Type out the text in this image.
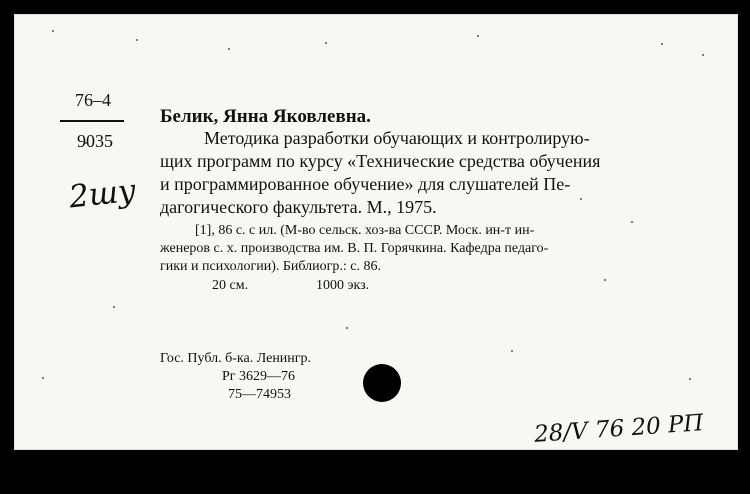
76–4
9035
2шу
Белик, Янна Яковлевна.
Методика разработки обучающих и контролирую-
щих программ по курсу «Технические средства обучения
и программированное обучение» для слушателей Пе-
дагогического факультета. М., 1975.
[1], 86 с. с ил. (М-во сельск. хоз-ва СССР. Моск. ин-т ин-
женеров с. х. производства им. В. П. Горячкина. Кафедра педаго-
гики и психологии). Библиогр.: с. 86.
20 см.	1000 экз.
Гос. Публ. б-ка. Ленингр.
Рг 3629—76
75—74953
28/V 76 20 РП
